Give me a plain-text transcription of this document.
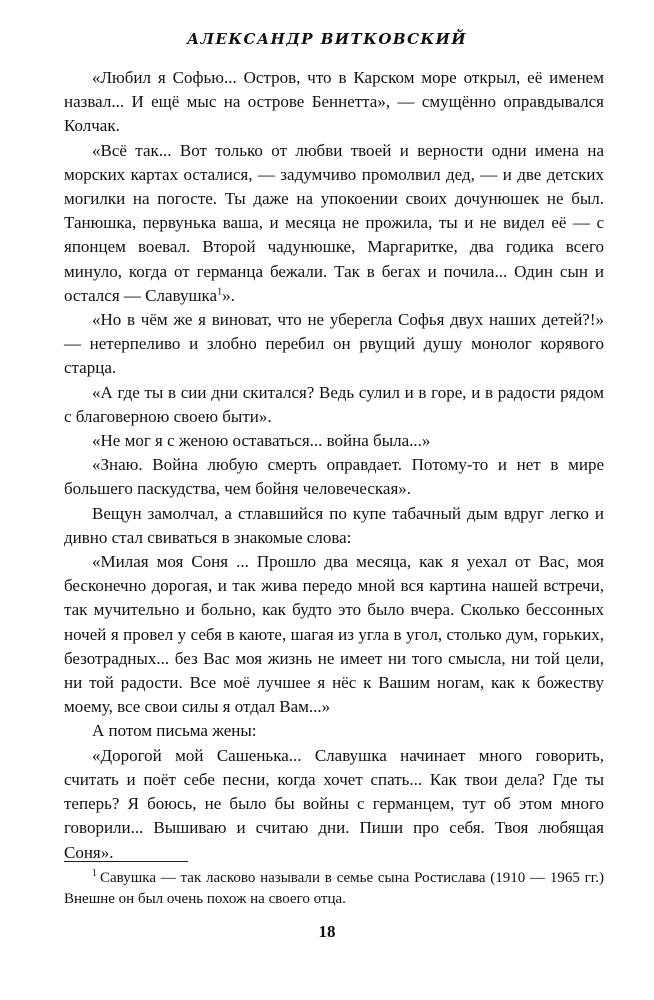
АЛЕКСАНДР ВИТКОВСКИЙ

«Любил я Софью... Остров, что в Карском море открыл, её именем назвал... И ещё мыс на острове Беннетта», — смущённо оправдывался Колчак.

«Всё так... Вот только от любви твоей и верности одни имена на морских картах осталися, — задумчиво промолвил дед, — и две детских могилки на погосте. Ты даже на упокоении своих дочунюшек не был. Танюшка, первунька ваша, и месяца не прожила, ты и не видел её — с японцем воевал. Второй чадунюшке, Маргаритке, два годика всего минуло, когда от германца бежали. Так в бегах и почила... Один сын и остался — Славушка$^1$».

«Но в чём же я виноват, что не уберегла Софья двух наших детей?!» — нетерпеливо и злобно перебил он рвущий душу монолог корявого старца.

«А где ты в сии дни скитался? Ведь сулил и в горе, и в радости рядом с благоверною своею быти».

«Не мог я с женою оставаться... война была...»

«Знаю. Война любую смерть оправдает. Потому-то и нет в мире большего паскудства, чем бойня человеческая».

Вещун замолчал, а стлавшийся по купе табачный дым вдруг легко и дивно стал свиваться в знакомые слова:

«Милая моя Соня ... Прошло два месяца, как я уехал от Вас, моя бесконечно дорогая, и так жива передо мной вся картина нашей встречи, так мучительно и больно, как будто это было вчера. Сколько бессонных ночей я провел у себя в каюте, шагая из угла в угол, столько дум, горьких, безотрадных... без Вас моя жизнь не имеет ни того смысла, ни той цели, ни той радости. Все моё лучшее я нёс к Вашим ногам, как к божеству моему, все свои силы я отдал Вам...»

А потом письма жены:

«Дорогой мой Сашенька... Славушка начинает много говорить, считать и поёт себе песни, когда хочет спать... Как твои дела? Где ты теперь? Я боюсь, не было бы войны с германцем, тут об этом много говорили... Вышиваю и считаю дни. Пиши про себя. Твоя любящая Соня».

$^1$ Савушка — так ласково называли в семье сына Ростислава (1910 — 1965 гг.) Внешне он был очень похож на своего отца.

18
